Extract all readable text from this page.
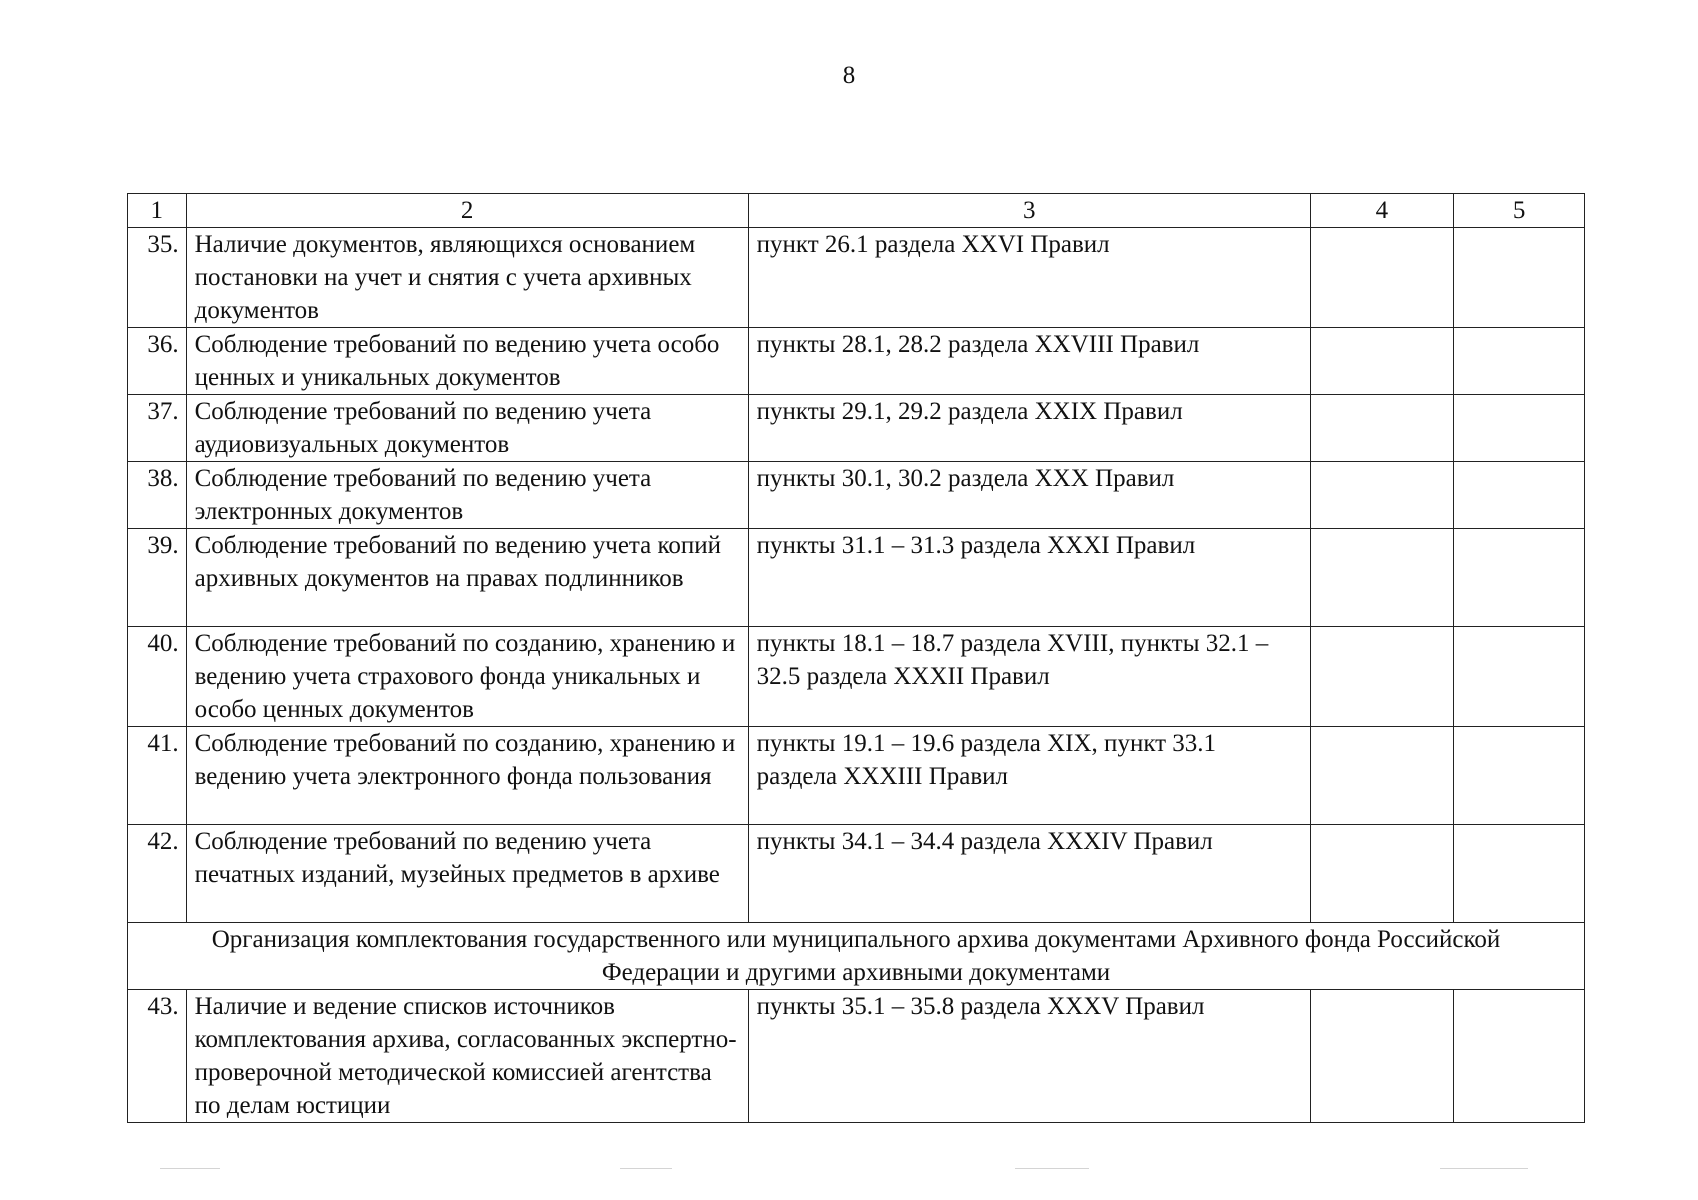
8
1	2	3	4	5
35.	Наличие документов, являющихся основанием постановки на учет и снятия с учета архивных документов	пункт 26.1 раздела XXVI Правил		
36.	Соблюдение требований по ведению учета особо ценных и уникальных документов	пункты 28.1, 28.2 раздела XXVIII Правил		
37.	Соблюдение требований по ведению учета аудиовизуальных документов	пункты 29.1, 29.2 раздела XXIX Правил		
38.	Соблюдение требований по ведению учета электронных документов	пункты 30.1, 30.2 раздела XXX Правил		
39.	Соблюдение требований по ведению учета копий архивных документов на правах подлинников	пункты 31.1 – 31.3 раздела XXXI Правил		
40.	Соблюдение требований по созданию, хранению и ведению учета страхового фонда уникальных и особо ценных документов	пункты 18.1 – 18.7 раздела XVIII, пункты 32.1 – 32.5 раздела XXXII Правил		
41.	Соблюдение требований по созданию, хранению и ведению учета электронного фонда пользования	пункты 19.1 – 19.6 раздела XIX, пункт 33.1 раздела XXXIII Правил		
42.	Соблюдение требований по ведению учета печатных изданий, музейных предметов в архиве	пункты 34.1 – 34.4 раздела XXXIV Правил		
Организация комплектования государственного или муниципального архива документами Архивного фонда Российской Федерации и другими архивными документами				
43.	Наличие и ведение списков источников комплектования архива, согласованных экспертно-проверочной методической комиссией агентства по делам юстиции	пункты 35.1 – 35.8 раздела XXXV Правил		
